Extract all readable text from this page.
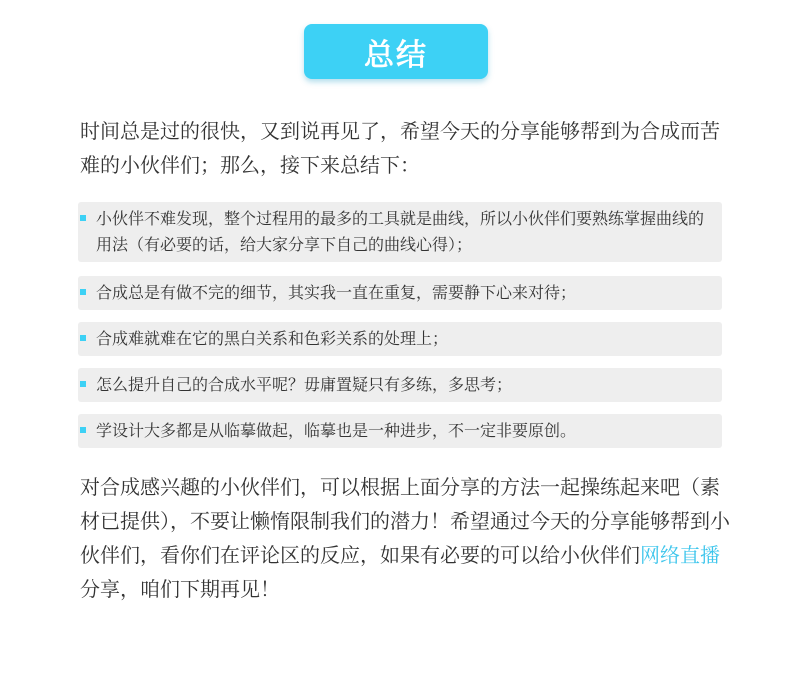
总结

时间总是过的很快，又到说再见了，希望今天的分享能够帮到为合成而苦难的小伙伴们；那么，接下来总结下：

小伙伴不难发现，整个过程用的最多的工具就是曲线，所以小伙伴们要熟练掌握曲线的用法（有必要的话，给大家分享下自己的曲线心得）；
合成总是有做不完的细节，其实我一直在重复，需要静下心来对待；
合成难就难在它的黑白关系和色彩关系的处理上；
怎么提升自己的合成水平呢？毋庸置疑只有多练，多思考；
学设计大多都是从临摹做起，临摹也是一种进步，不一定非要原创。

对合成感兴趣的小伙伴们，可以根据上面分享的方法一起操练起来吧（素材已提供），不要让懒惰限制我们的潜力！希望通过今天的分享能够帮到小伙伴们，看你们在评论区的反应，如果有必要的可以给小伙伴们网络直播分享，咱们下期再见！
